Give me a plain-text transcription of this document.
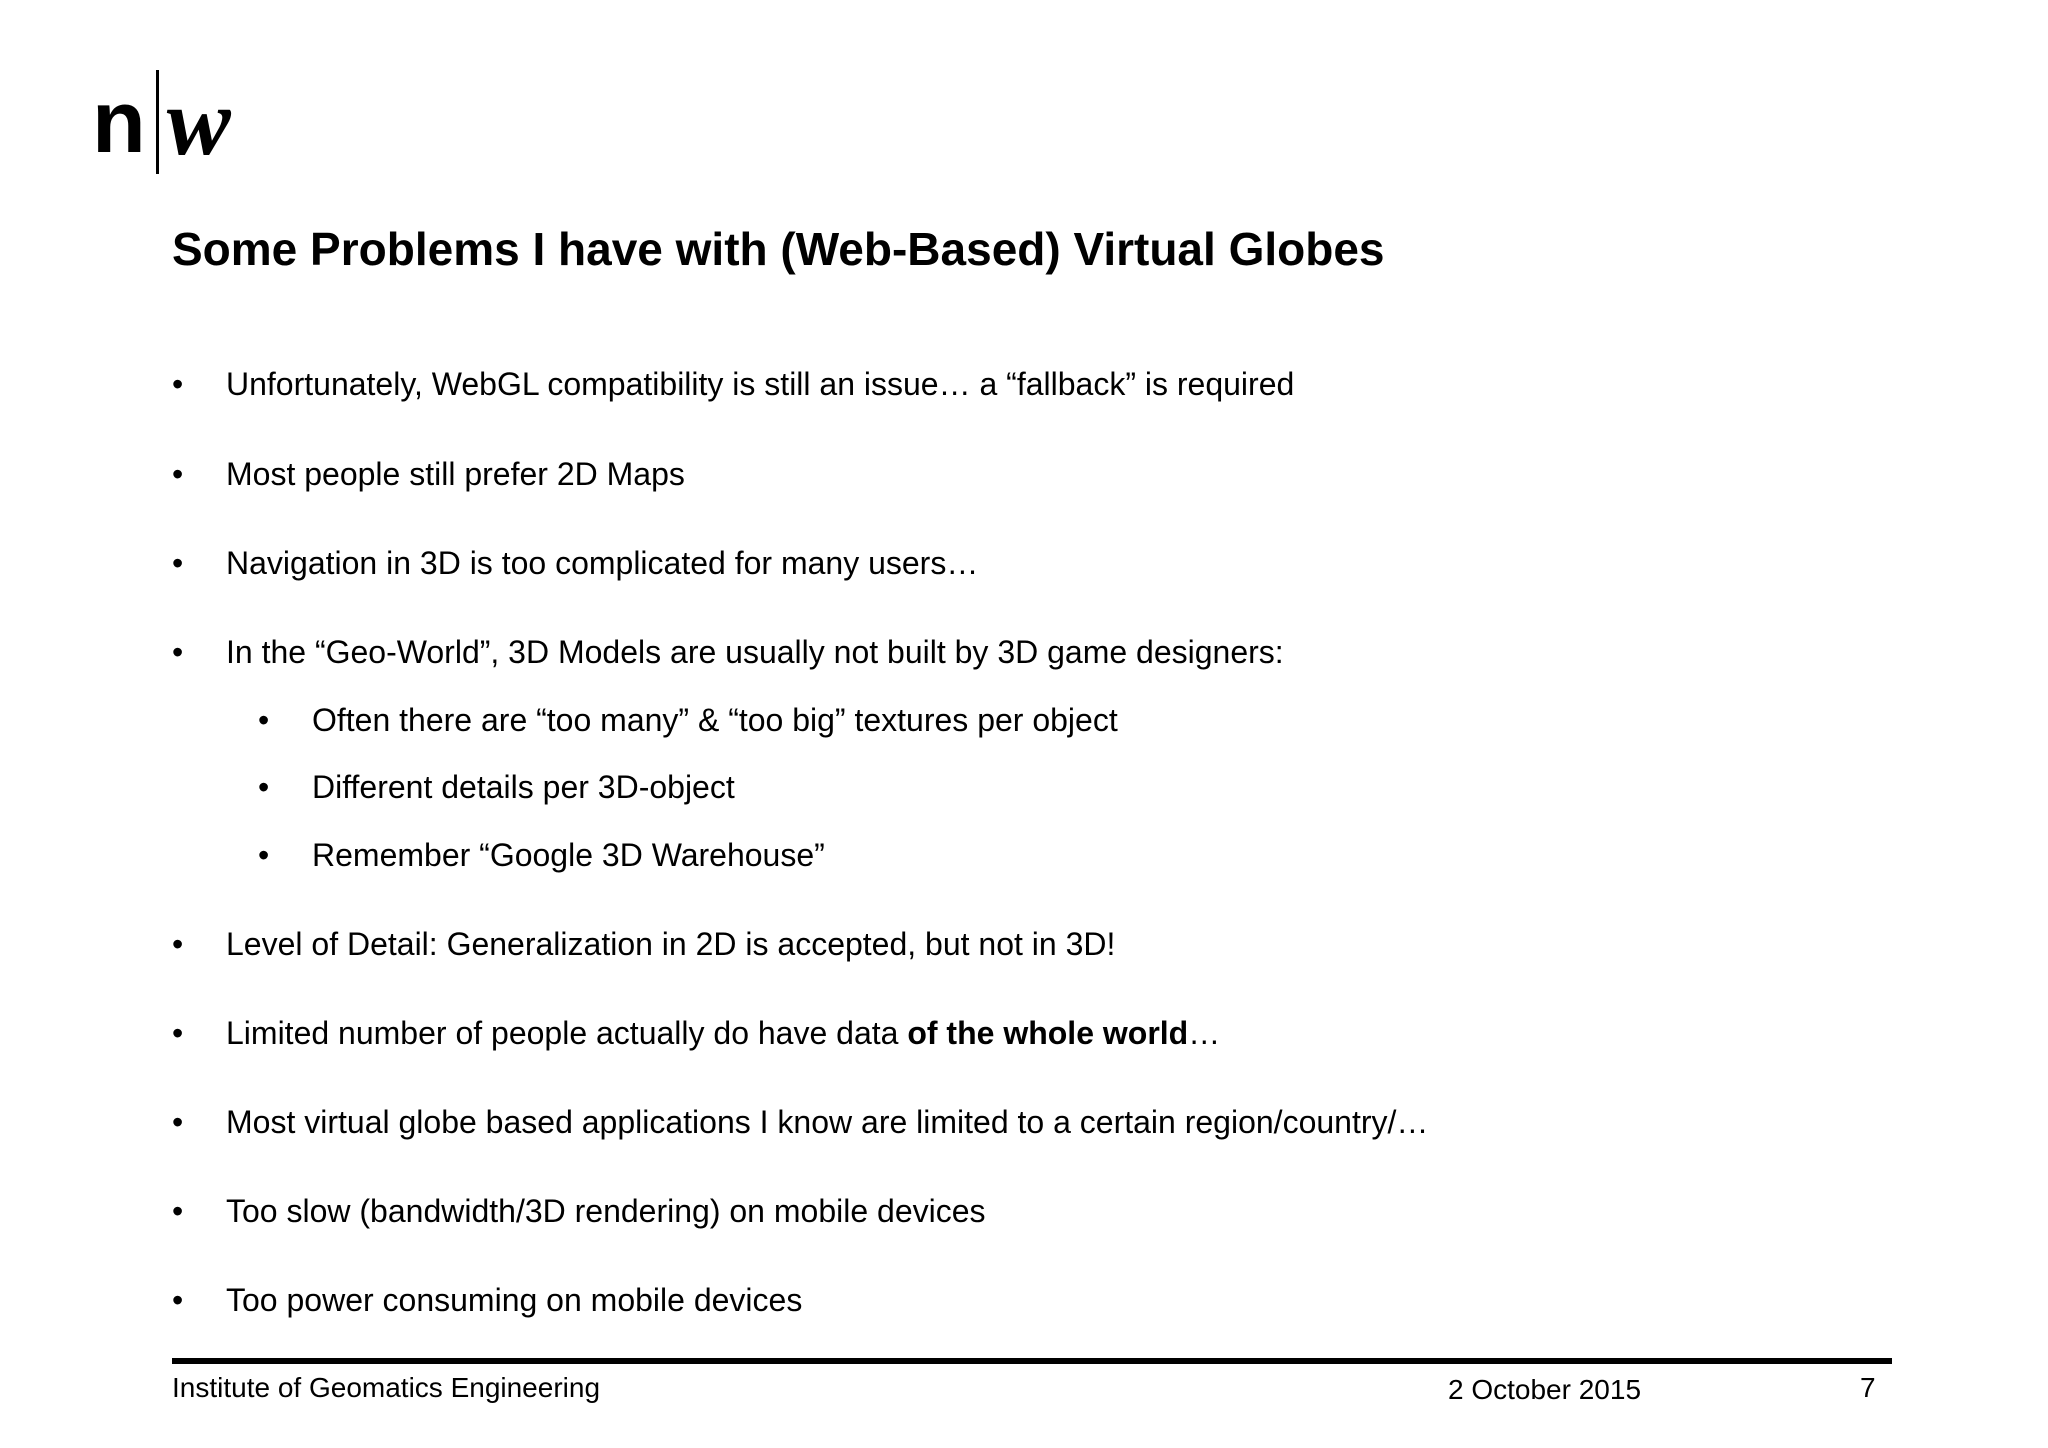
n w
Some Problems I have with (Web-Based) Virtual Globes
• Unfortunately, WebGL compatibility is still an issue… a “fallback” is required
• Most people still prefer 2D Maps
• Navigation in 3D is too complicated for many users…
• In the “Geo-World”, 3D Models are usually not built by 3D game designers:
• Often there are “too many” & “too big” textures per object
• Different details per 3D-object
• Remember “Google 3D Warehouse”
• Level of Detail: Generalization in 2D is accepted, but not in 3D!
• Limited number of people actually do have data of the whole world…
• Most virtual globe based applications I know are limited to a certain region/country/…
• Too slow (bandwidth/3D rendering) on mobile devices
• Too power consuming on mobile devices
Institute of Geomatics Engineering	2 October 2015	7
